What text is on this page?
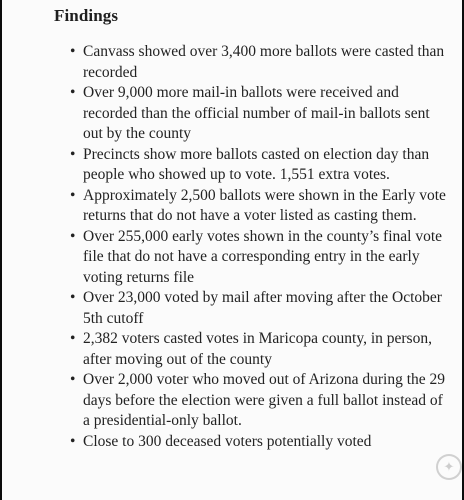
Findings
• Canvass showed over 3,400 more ballots were casted than recorded
• Over 9,000 more mail-in ballots were received and recorded than the official number of mail-in ballots sent out by the county
• Precincts show more ballots casted on election day than people who showed up to vote. 1,551 extra votes.
• Approximately 2,500 ballots were shown in the Early vote returns that do not have a voter listed as casting them.
• Over 255,000 early votes shown in the county’s final vote file that do not have a corresponding entry in the early voting returns file
• Over 23,000 voted by mail after moving after the October 5th cutoff
• 2,382 voters casted votes in Maricopa county, in person, after moving out of the county
• Over 2,000 voter who moved out of Arizona during the 29 days before the election were given a full ballot instead of a presidential-only ballot.
• Close to 300 deceased voters potentially voted
✦
